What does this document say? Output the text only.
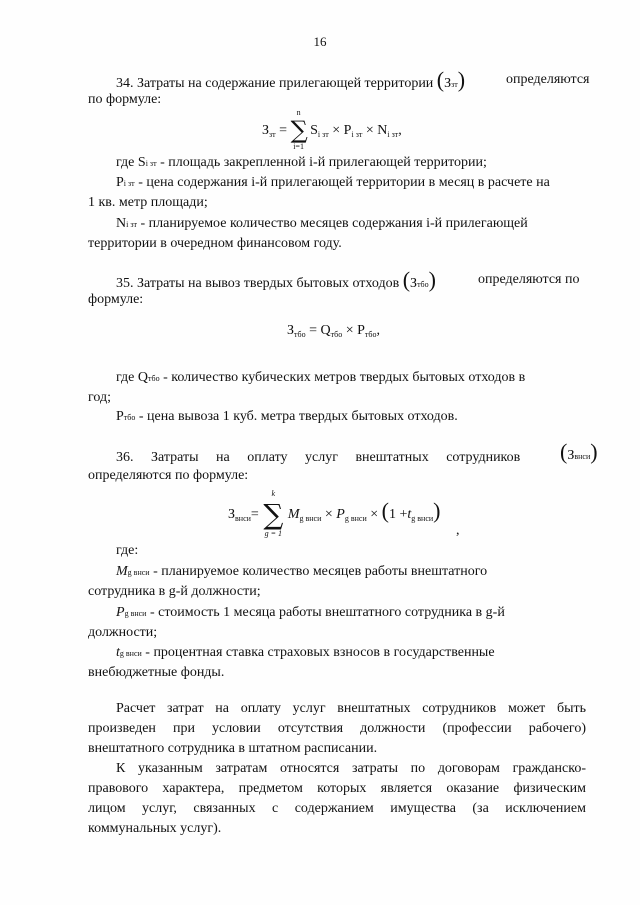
16
34. Затраты на содержание прилегающей территории (Ззт)	определяются
по формуле:
$З_{зт}$ =
n
∑
i=1
$S_{i зт} \times P_{i зт} \times N_{i зт}$,
где Si зт - площадь закрепленной i-й прилегающей территории;
Pi зт - цена содержания i-й прилегающей территории в месяц в расчете на
1 кв. метр площади;
Ni зт - планируемое количество месяцев содержания i-й прилегающей
территории в очередном финансовом году.
35. Затраты на вывоз твердых бытовых отходов (Зтбо)	определяются по
формуле:
$З_{тбо} = Q_{тбо} \times P_{тбо}$,
где Qтбо - количество кубических метров твердых бытовых отходов в
год;
Pтбо - цена вывоза 1 куб. метра твердых бытовых отходов.
36. Затраты на оплату услуг внештатных сотрудников	(Звнси)
определяются по формуле:
$З_{внси}=$
k
∑
g = 1
$M_{g внси} \times P_{g внси} \times (1 +t_{g внси})$
,
где:
Mg внси - планируемое количество месяцев работы внештатного
сотрудника в g-й должности;
Pg внси - стоимость 1 месяца работы внештатного сотрудника в g-й
должности;
tg внси - процентная ставка страховых взносов в государственные
внебюджетные фонды.
Расчет затрат на оплату услуг внештатных сотрудников может быть
произведен при условии отсутствия должности (профессии рабочего)
внештатного сотрудника в штатном расписании.
К указанным затратам относятся затраты по договорам гражданско-
правового характера, предметом которых является оказание физическим
лицом услуг, связанных с содержанием имущества (за исключением
коммунальных услуг).
